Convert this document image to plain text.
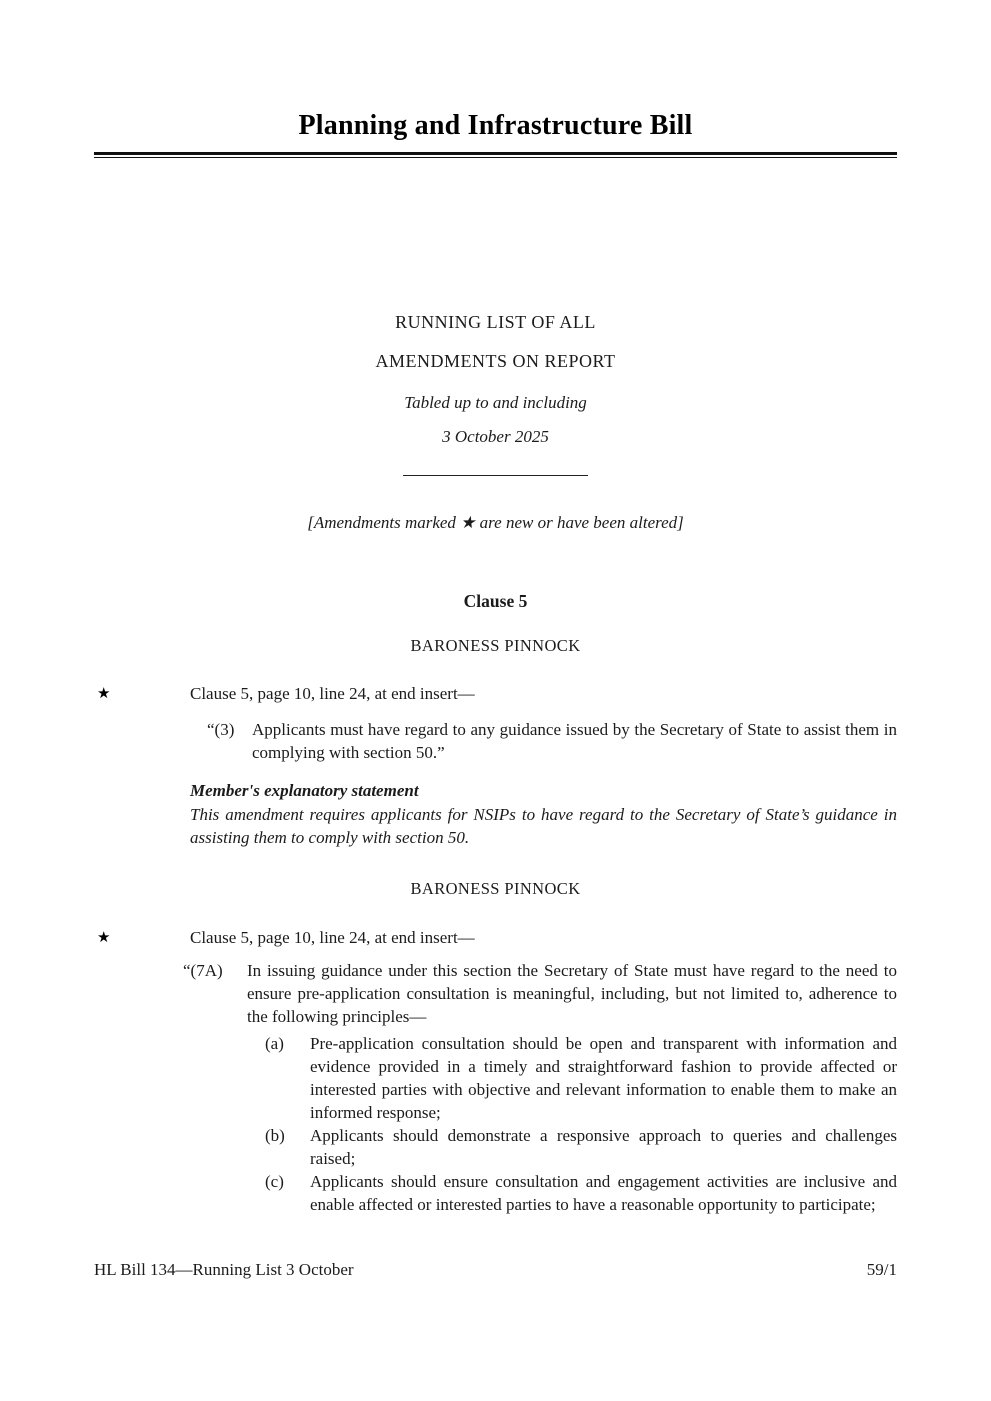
Planning and Infrastructure Bill
RUNNING LIST OF ALL
AMENDMENTS ON REPORT
Tabled up to and including
3 October 2025
[Amendments marked ★ are new or have been altered]
Clause 5
BARONESS PINNOCK
★	Clause 5, page 10, line 24, at end insert—
“(3)	Applicants must have regard to any guidance issued by the Secretary of State to assist them in complying with section 50.”
Member's explanatory statement
This amendment requires applicants for NSIPs to have regard to the Secretary of State’s guidance in assisting them to comply with section 50.
BARONESS PINNOCK
★	Clause 5, page 10, line 24, at end insert—
“(7A)	In issuing guidance under this section the Secretary of State must have regard to the need to ensure pre-application consultation is meaningful, including, but not limited to, adherence to the following principles—
(a)	Pre-application consultation should be open and transparent with information and evidence provided in a timely and straightforward fashion to provide affected or interested parties with objective and relevant information to enable them to make an informed response;
(b)	Applicants should demonstrate a responsive approach to queries and challenges raised;
(c)	Applicants should ensure consultation and engagement activities are inclusive and enable affected or interested parties to have a reasonable opportunity to participate;
HL Bill 134—Running List 3 October	59/1
